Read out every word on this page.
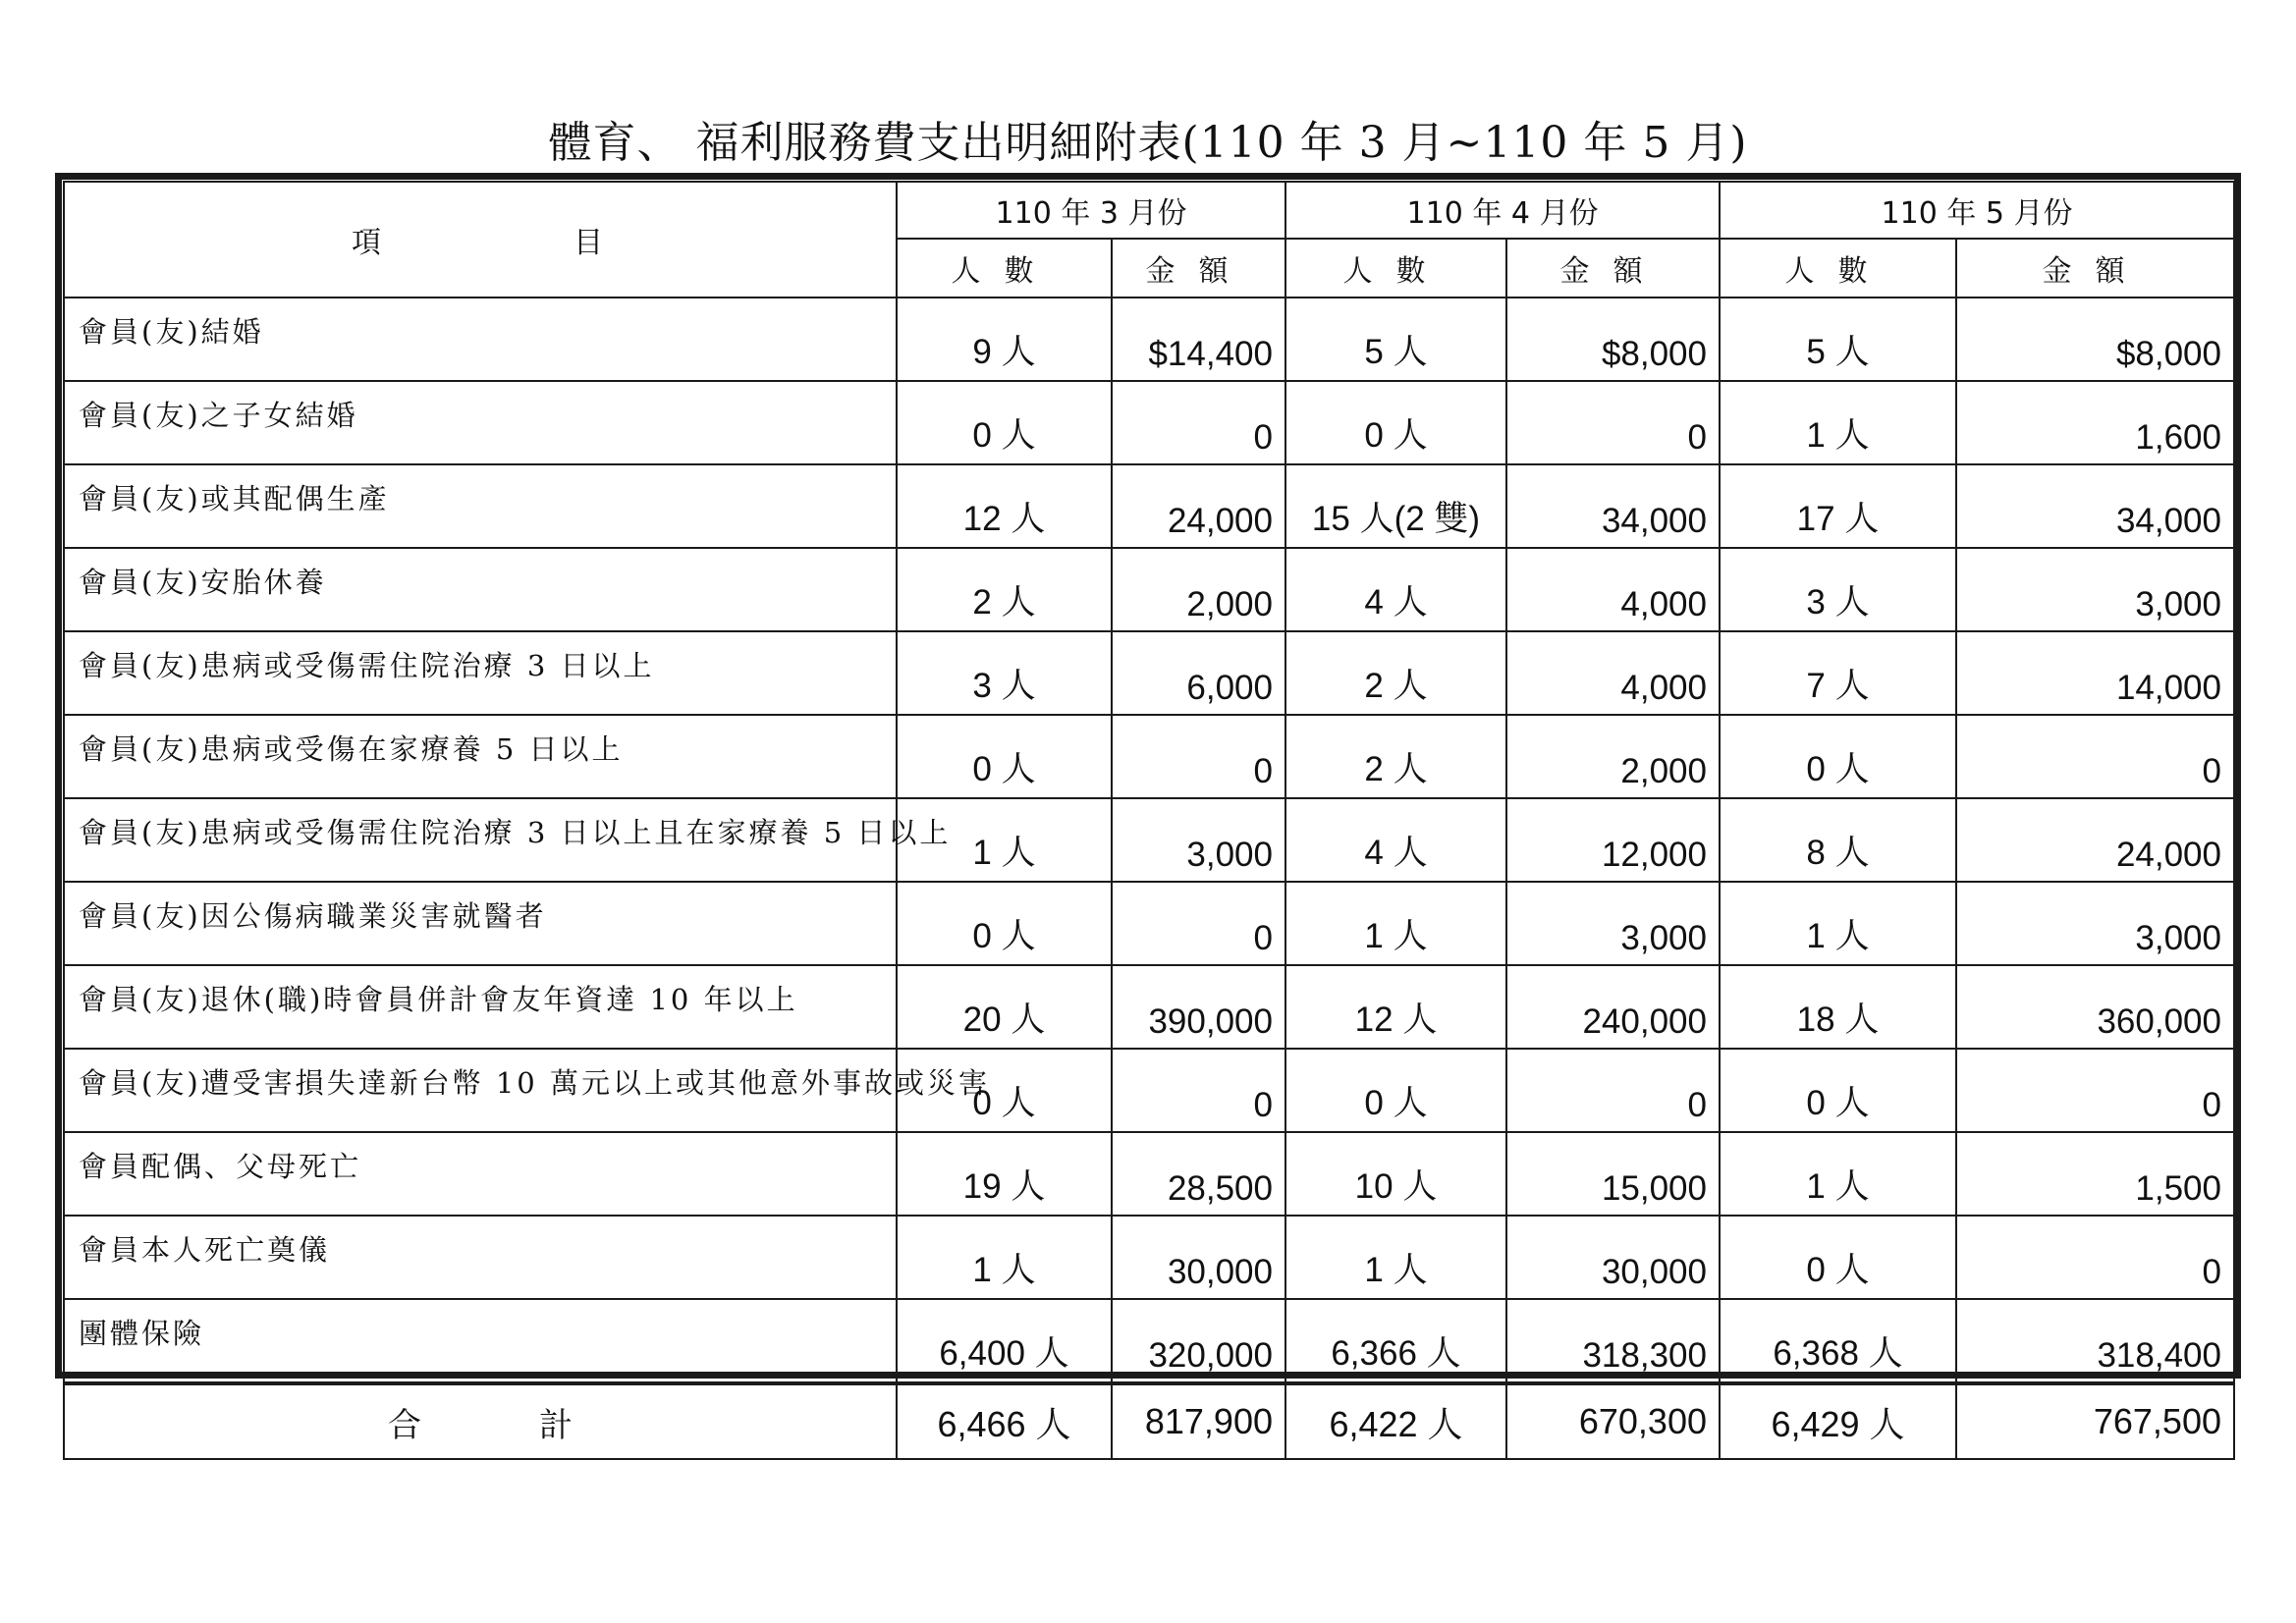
體育、 福利服務費支出明細附表(110 年 3 月~110 年 5 月)
項 目	110 年 3 月份		110 年 4 月份		110 年 5 月份	
	人數	金額	人數	金額	人數	金額
會員(友)結婚	9 人	$14,400	5 人	$8,000	5 人	$8,000
會員(友)之子女結婚	0 人	0	0 人	0	1 人	1,600
會員(友)或其配偶生產	12 人	24,000	15 人(2 雙)	34,000	17 人	34,000
會員(友)安胎休養	2 人	2,000	4 人	4,000	3 人	3,000
會員(友)患病或受傷需住院治療 3 日以上	3 人	6,000	2 人	4,000	7 人	14,000
會員(友)患病或受傷在家療養 5 日以上	0 人	0	2 人	2,000	0 人	0
會員(友)患病或受傷需住院治療 3 日以上且在家療養 5 日以上	1 人	3,000	4 人	12,000	8 人	24,000
會員(友)因公傷病職業災害就醫者	0 人	0	1 人	3,000	1 人	3,000
會員(友)退休(職)時會員併計會友年資達 10 年以上	20 人	390,000	12 人	240,000	18 人	360,000
會員(友)遭受害損失達新台幣 10 萬元以上或其他意外事故或災害	0 人	0	0 人	0	0 人	0
會員配偶、父母死亡	19 人	28,500	10 人	15,000	1 人	1,500
會員本人死亡奠儀	1 人	30,000	1 人	30,000	0 人	0
團體保險	6,400 人	320,000	6,366 人	318,300	6,368 人	318,400
合 計	6,466 人	817,900	6,422 人	670,300	6,429 人	767,500
